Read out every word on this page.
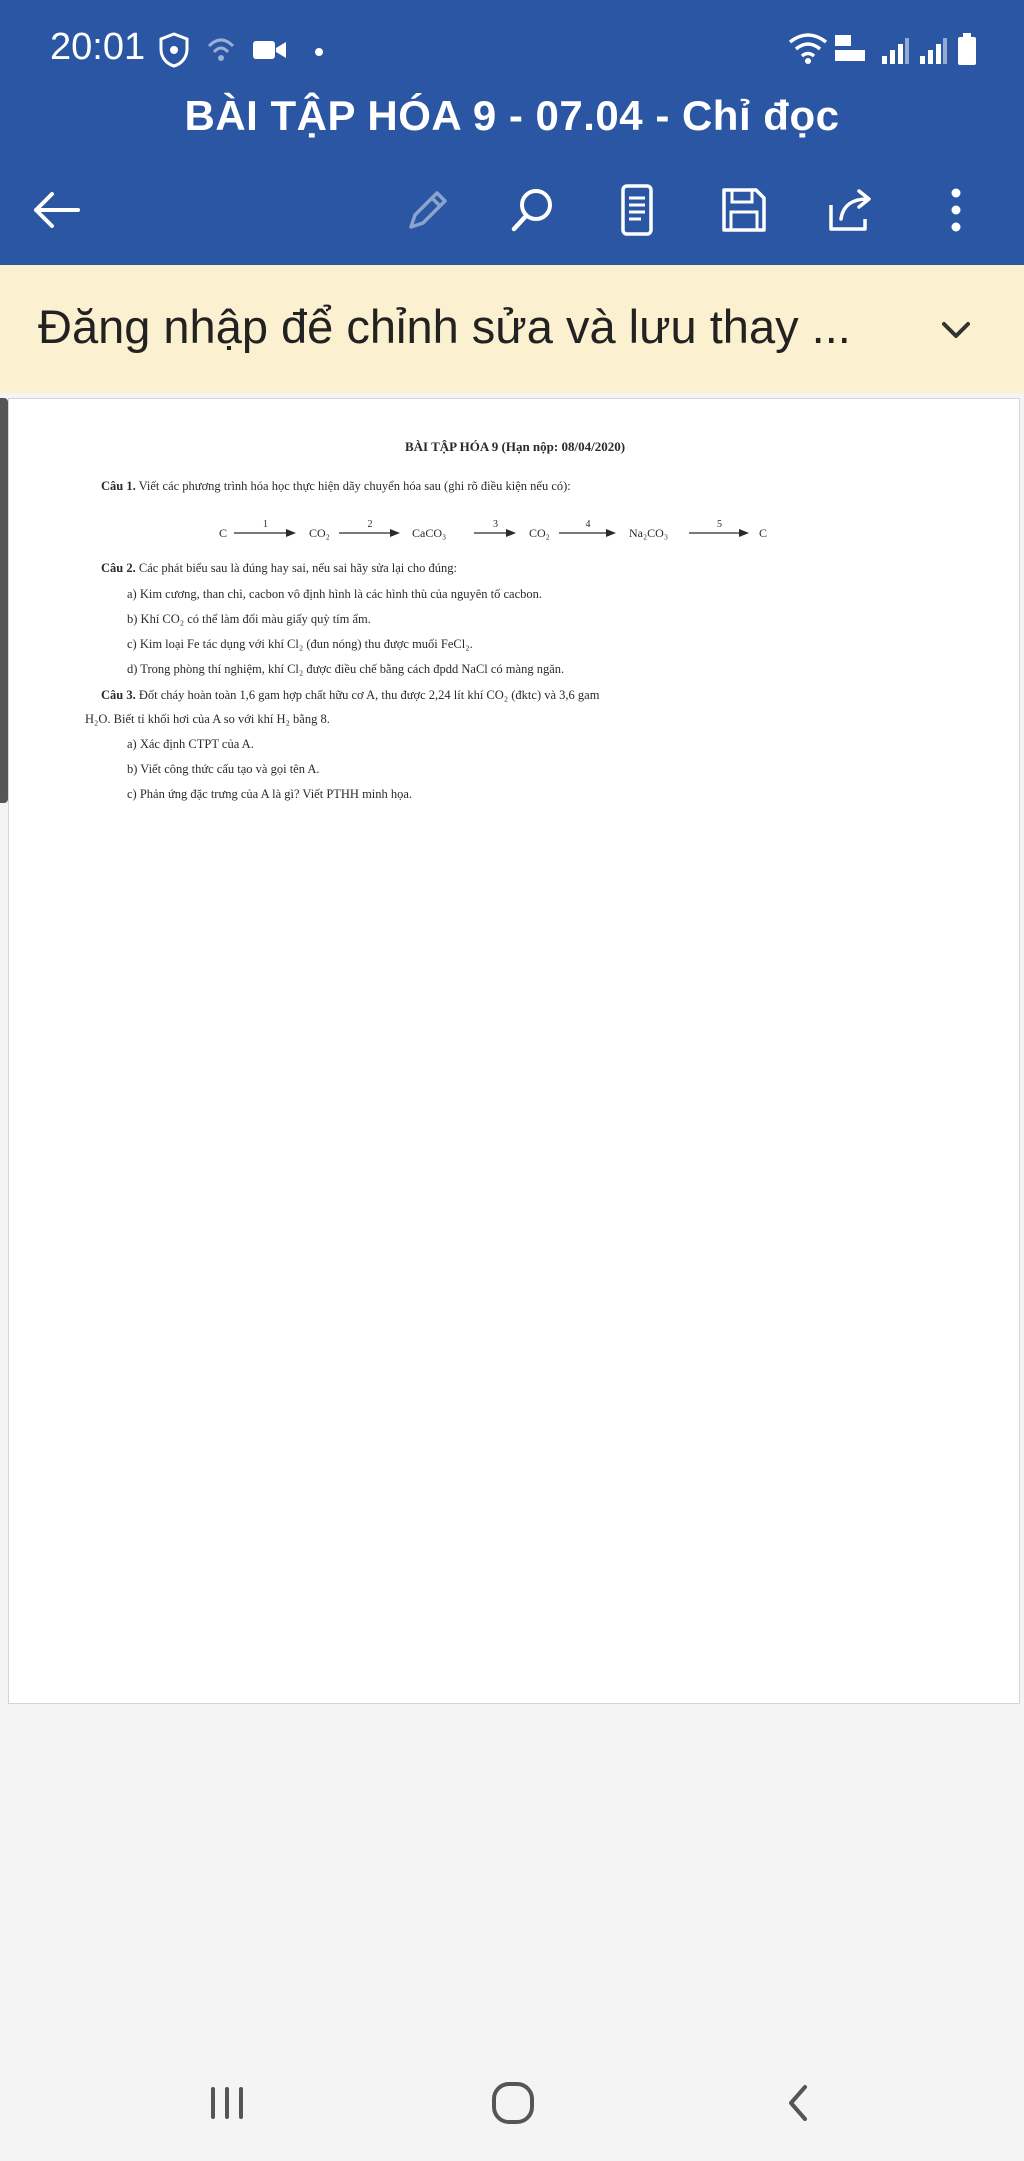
20:01
BÀI TẬP HÓA 9 - 07.04 - Chỉ đọc
Đăng nhập để chỉnh sửa và lưu thay ...
BÀI TẬP HÓA 9 (Hạn nộp: 08/04/2020)
Câu 1. Viết các phương trình hóa học thực hiện dãy chuyển hóa sau (ghi rõ điều kiện nếu có):
C	CO₂	CaCO₃	CO₂	Na₂CO₃	C
1	2	3	4	5
Câu 2. Các phát biểu sau là đúng hay sai, nếu sai hãy sửa lại cho đúng:
a) Kim cương, than chì, cacbon vô định hình là các hình thù của nguyên tố cacbon.
b) Khí CO₂ có thể làm đổi màu giấy quỳ tím ẩm.
c) Kim loại Fe tác dụng với khí Cl₂ (đun nóng) thu được muối FeCl₂.
d) Trong phòng thí nghiệm, khí Cl₂ được điều chế bằng cách đpdd NaCl có màng ngăn.
Câu 3. Đốt cháy hoàn toàn 1,6 gam hợp chất hữu cơ A, thu được 2,24 lít khí CO₂ (đktc) và 3,6 gam
H₂O. Biết tỉ khối hơi của A so với khí H₂ bằng 8.
a) Xác định CTPT của A.
b) Viết công thức cấu tạo và gọi tên A.
c) Phản ứng đặc trưng của A là gì? Viết PTHH minh họa.
